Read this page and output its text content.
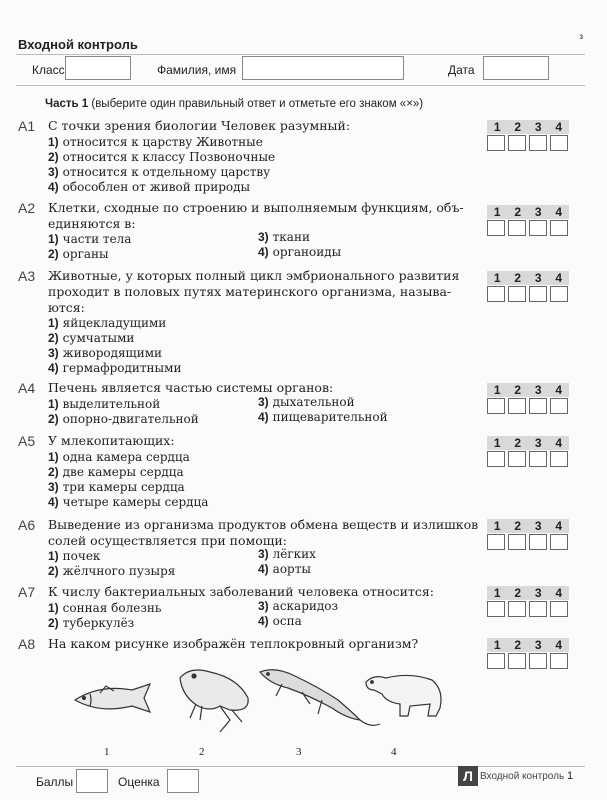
з
Входной контроль
Класс	Фамилия, имя	Дата
Часть 1 (выберите один правильный ответ и отметьте его знаком «×»)
А1 С точки зрения биологии Человек разумный:
1) относится к царству Животные
2) относится к классу Позвоночные
3) относится к отдельному царству
4) обособлен от живой природы
1	2	3	4
А2 Клетки, сходные по строению и выполняемым функциям, объ-
единяются в:
1) части тела
2) органы
3) ткани
4) органоиды
1	2	3	4
А3 Животные, у которых полный цикл эмбрионального развития
проходит в половых путях материнского организма, называ-
ются:
1) яйцекладущими
2) сумчатыми
3) живородящими
4) гермафродитными
1	2	3	4
А4 Печень является частью системы органов:
1) выделительной
2) опорно-двигательной
3) дыхательной
4) пищеварительной
1	2	3	4
А5 У млекопитающих:
1) одна камера сердца
2) две камеры сердца
3) три камеры сердца
4) четыре камеры сердца
1	2	3	4
А6 Выведение из организма продуктов обмена веществ и излишков
солей осуществляется при помощи:
1) почек
2) жёлчного пузыря
3) лёгких
4) аорты
1	2	3	4
А7 К числу бактериальных заболеваний человека относится:
1) сонная болезнь
2) туберкулёз
3) аскаридоз
4) оспа
1	2	3	4
А8 На каком рисунке изображён теплокровный организм?	1	2	3	4
1	2	3	4
Баллы	Оценка	Л Входной контроль 1
